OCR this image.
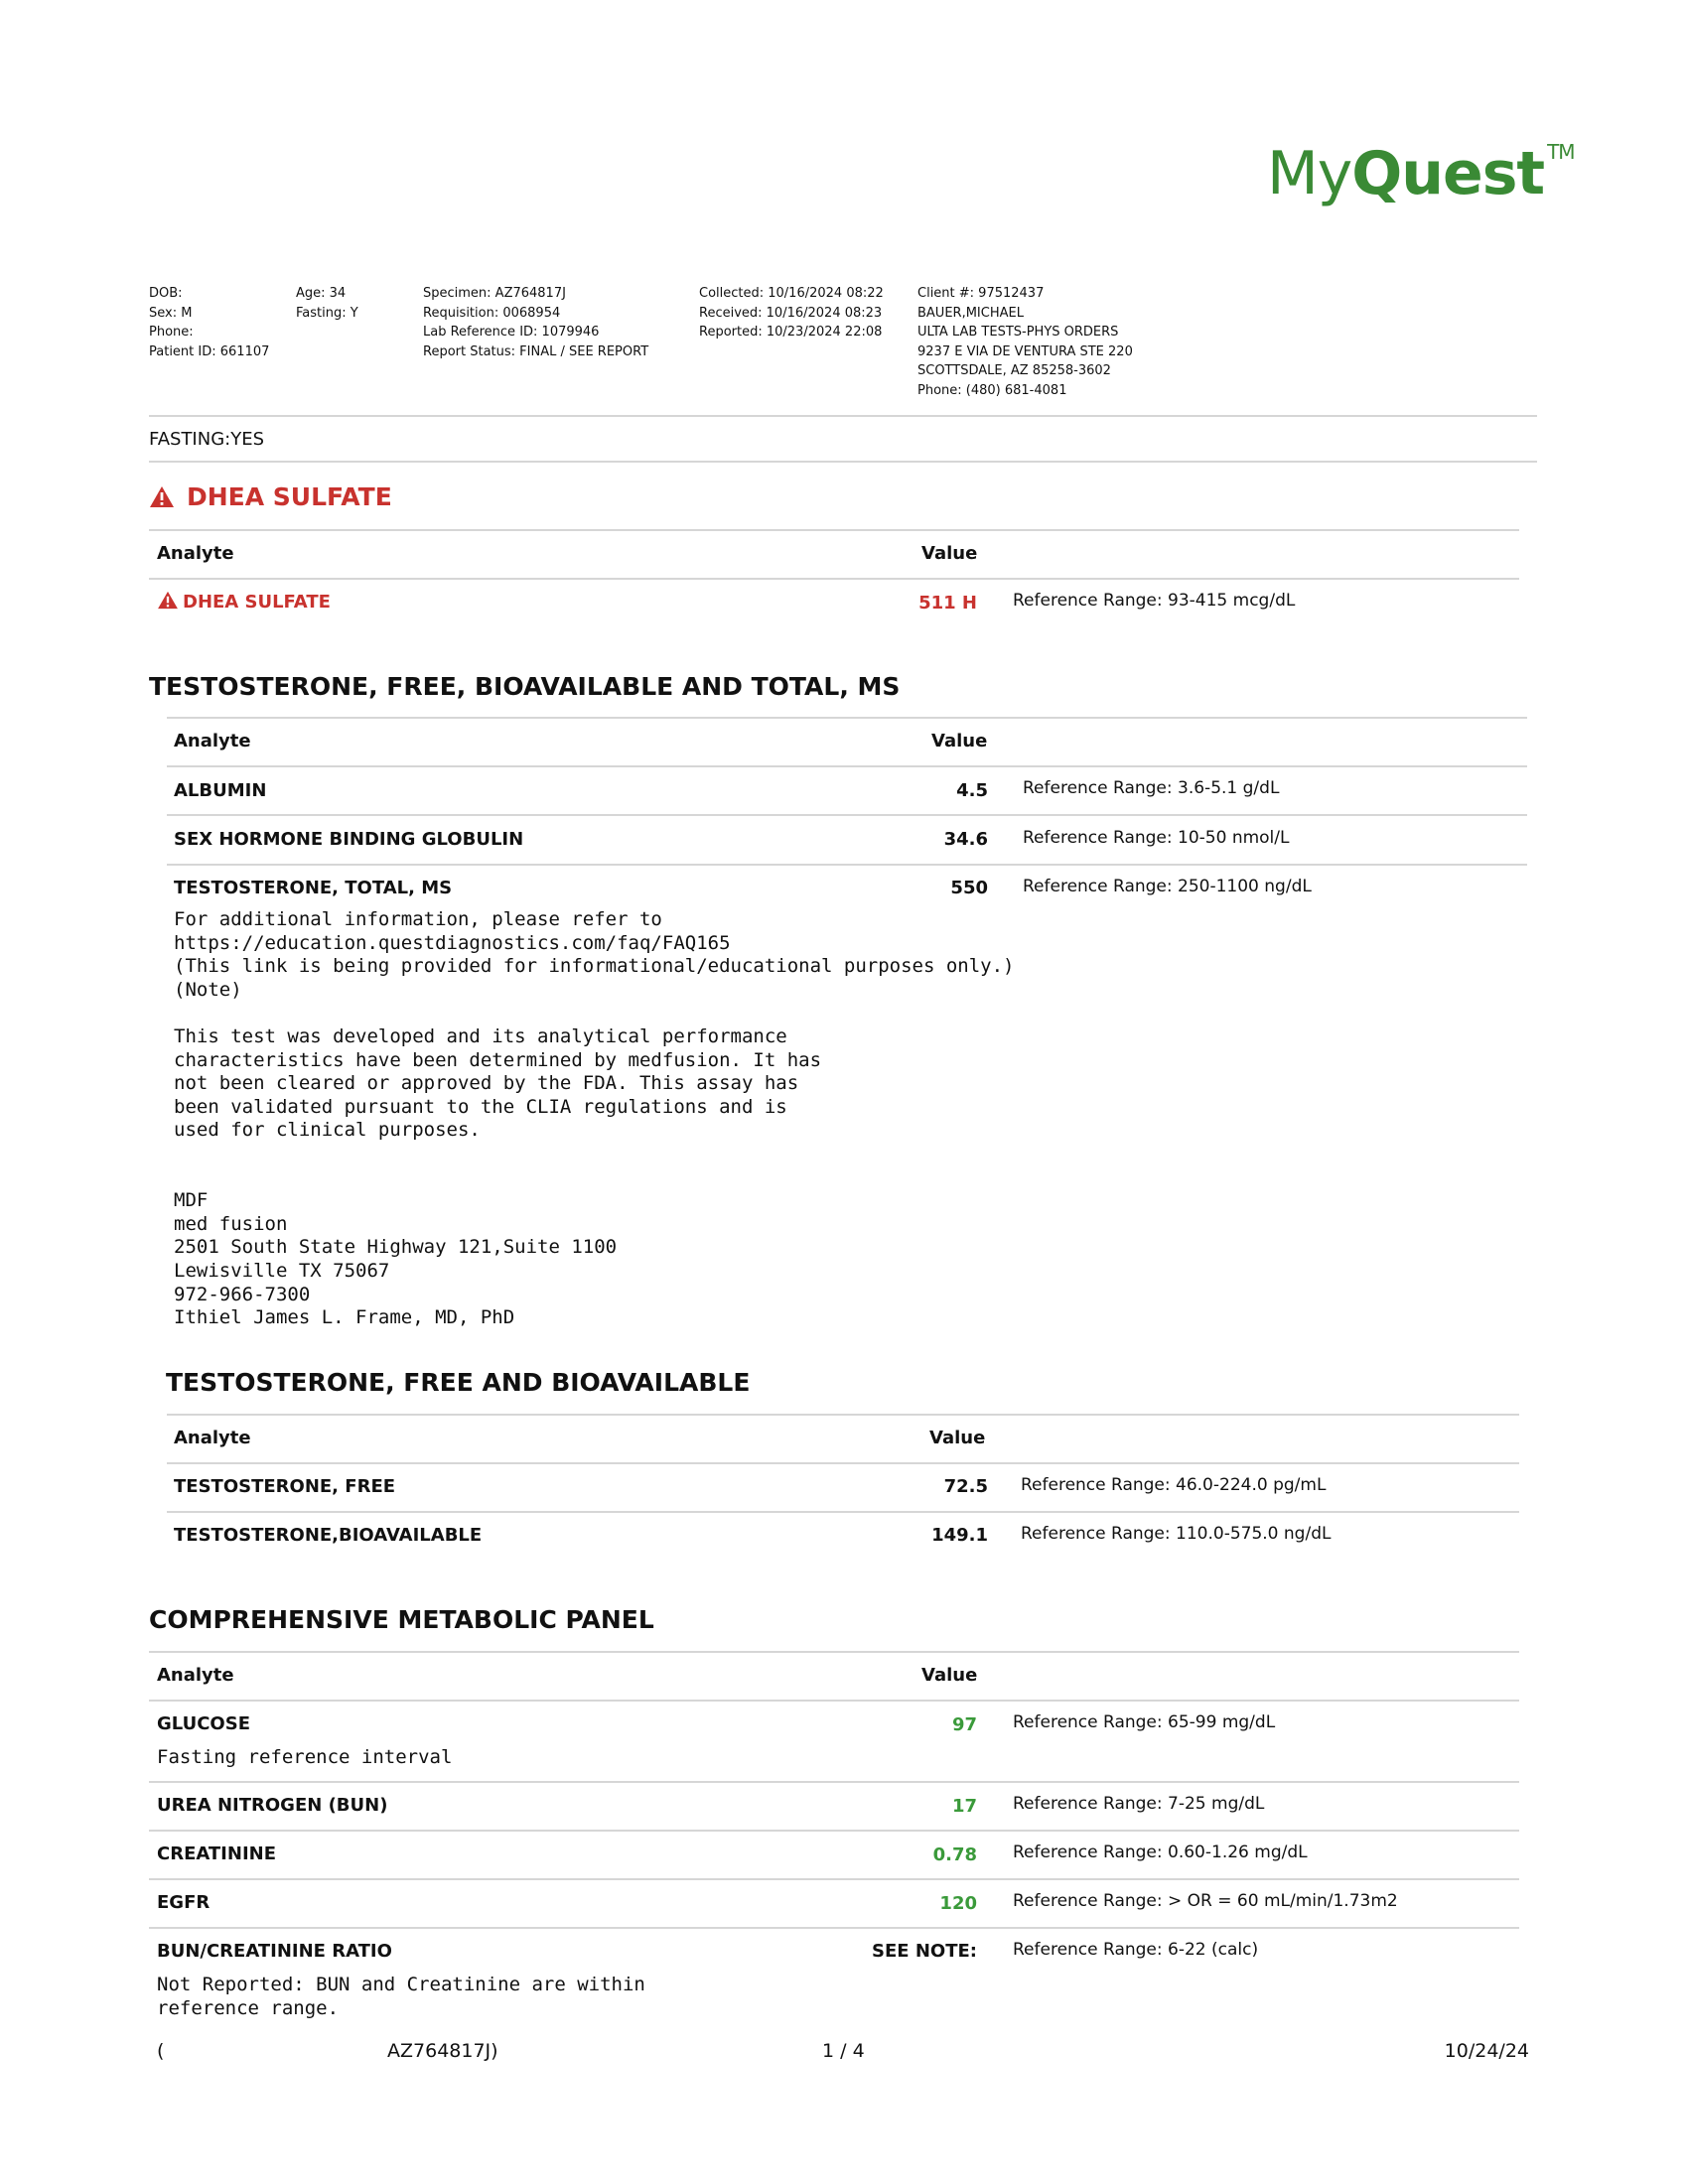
MyQuest ™
DOB:
Sex: M
Phone:
Patient ID: 661107
Age: 34
Fasting: Y
Specimen: AZ764817J
Requisition: 0068954
Lab Reference ID: 1079946
Report Status: FINAL / SEE REPORT
Collected: 10/16/2024 08:22
Received: 10/16/2024 08:23
Reported: 10/23/2024 22:08
Client #: 97512437
BAUER,MICHAEL
ULTA LAB TESTS-PHYS ORDERS
9237 E VIA DE VENTURA STE 220
SCOTTSDALE, AZ 85258-3602
Phone: (480) 681-4081
FASTING:YES
DHEA SULFATE
Analyte	Value
DHEA SULFATE	511 H Reference Range: 93-415 mcg/dL
TESTOSTERONE, FREE, BIOAVAILABLE AND TOTAL, MS
Analyte	Value
ALBUMIN	4.5 Reference Range: 3.6-5.1 g/dL
SEX HORMONE BINDING GLOBULIN	34.6 Reference Range: 10-50 nmol/L
TESTOSTERONE, TOTAL, MS	550 Reference Range: 250-1100 ng/dL
For additional information, please refer to
https://education.questdiagnostics.com/faq/FAQ165
(This link is being provided for informational/educational purposes only.)
(Note)

This test was developed and its analytical performance
characteristics have been determined by medfusion. It has
not been cleared or approved by the FDA. This assay has
been validated pursuant to the CLIA regulations and is
used for clinical purposes.

MDF
med fusion
2501 South State Highway 121,Suite 1100
Lewisville TX 75067
972-966-7300
Ithiel James L. Frame, MD, PhD
TESTOSTERONE, FREE AND BIOAVAILABLE
Analyte	Value
TESTOSTERONE, FREE	72.5 Reference Range: 46.0-224.0 pg/mL
TESTOSTERONE,BIOAVAILABLE	149.1 Reference Range: 110.0-575.0 ng/dL
COMPREHENSIVE METABOLIC PANEL
Analyte	Value
GLUCOSE	97 Reference Range: 65-99 mg/dL
Fasting reference interval
UREA NITROGEN (BUN)	17 Reference Range: 7-25 mg/dL
CREATININE	0.78 Reference Range: 0.60-1.26 mg/dL
EGFR	120 Reference Range: > OR = 60 mL/min/1.73m2
BUN/CREATININE RATIO	SEE NOTE: Reference Range: 6-22 (calc)
Not Reported: BUN and Creatinine are within
reference range.
(	AZ764817J)	1 / 4	10/24/24
